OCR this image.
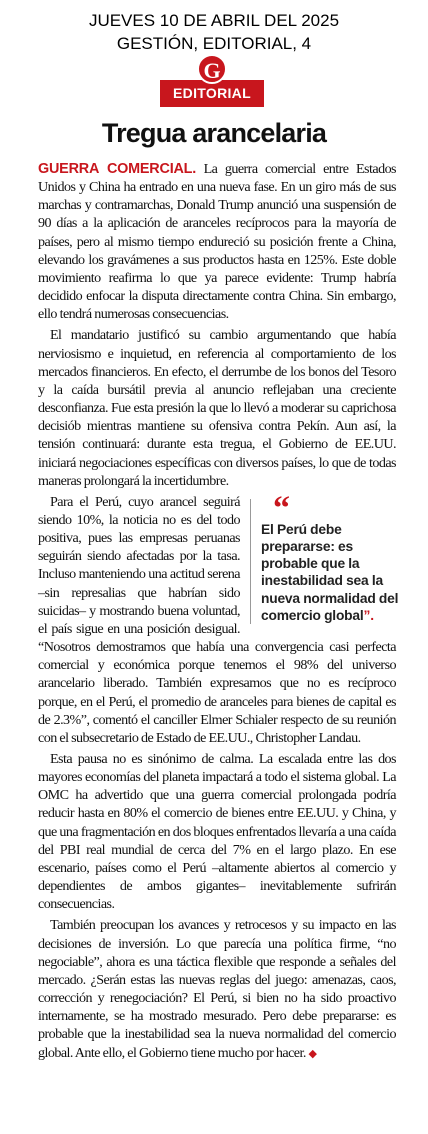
JUEVES 10 DE ABRIL DEL 2025
GESTIÓN, EDITORIAL, 4
G
EDITORIAL
Tregua arancelaria

GUERRA COMERCIAL. La guerra comercial entre Estados Unidos y China ha entrado en una nueva fase. En un giro más de sus marchas y contramarchas, Donald Trump anunció una suspensión de 90 días a la aplicación de aranceles recíprocos para la mayoría de países, pero al mismo tiempo endureció su posición frente a China, elevando los gravámenes a sus productos hasta en 125%. Este doble movimiento reafirma lo que ya parece evidente: Trump habría decidido enfocar la disputa directamente contra China. Sin embargo, ello tendrá numerosas consecuencias.

El mandatario justificó su cambio argumentando que había nerviosismo e inquietud, en referencia al comportamiento de los mercados financieros. En efecto, el derrumbe de los bonos del Tesoro y la caída bursátil previa al anuncio reflejaban una creciente desconfianza. Fue esta presión la que lo llevó a moderar su caprichosa decisiób mientras mantiene su ofensiva contra Pekín. Aun así, la tensión continuará: durante esta tregua, el Gobierno de EE.UU. iniciará negociaciones específicas con diversos países, lo que de todas maneras prolongará la incertidumbre.

“
El Perú debe prepararse: es probable que la inestabilidad sea la nueva normalidad del comercio global”.
Para el Perú, cuyo arancel seguirá siendo 10%, la noticia no es del todo positiva, pues las empresas peruanas seguirán siendo afectadas por la tasa. Incluso manteniendo una actitud serena –sin represalias que habrían sido suicidas– y mostrando buena voluntad, el país sigue en una posición desigual. “Nosotros demostramos que había una convergencia casi perfecta comercial y económica porque tenemos el 98% del universo arancelario liberado. También expresamos que no es recíproco porque, en el Perú, el promedio de aranceles para bienes de capital es de 2.3%”, comentó el canciller Elmer Schialer respecto de su reunión con el subsecretario de Estado de EE.UU., Christopher Landau.

Esta pausa no es sinónimo de calma. La escalada entre las dos mayores economías del planeta impactará a todo el sistema global. La OMC ha advertido que una guerra comercial prolongada podría reducir hasta en 80% el comercio de bienes entre EE.UU. y China, y que una fragmentación en dos bloques enfrentados llevaría a una caída del PBI real mundial de cerca del 7% en el largo plazo. En ese escenario, países como el Perú –altamente abiertos al comercio y dependientes de ambos gigantes– inevitablemente sufrirán consecuencias.

También preocupan los avances y retrocesos y su impacto en las decisiones de inversión. Lo que parecía una política firme, “no negociable”, ahora es una táctica flexible que responde a señales del mercado. ¿Serán estas las nuevas reglas del juego: amenazas, caos, corrección y renegociación? El Perú, si bien no ha sido proactivo internamente, se ha mostrado mesurado. Pero debe prepararse: es probable que la inestabilidad sea la nueva normalidad del comercio global. Ante ello, el Gobierno tiene mucho por hacer. ◆
